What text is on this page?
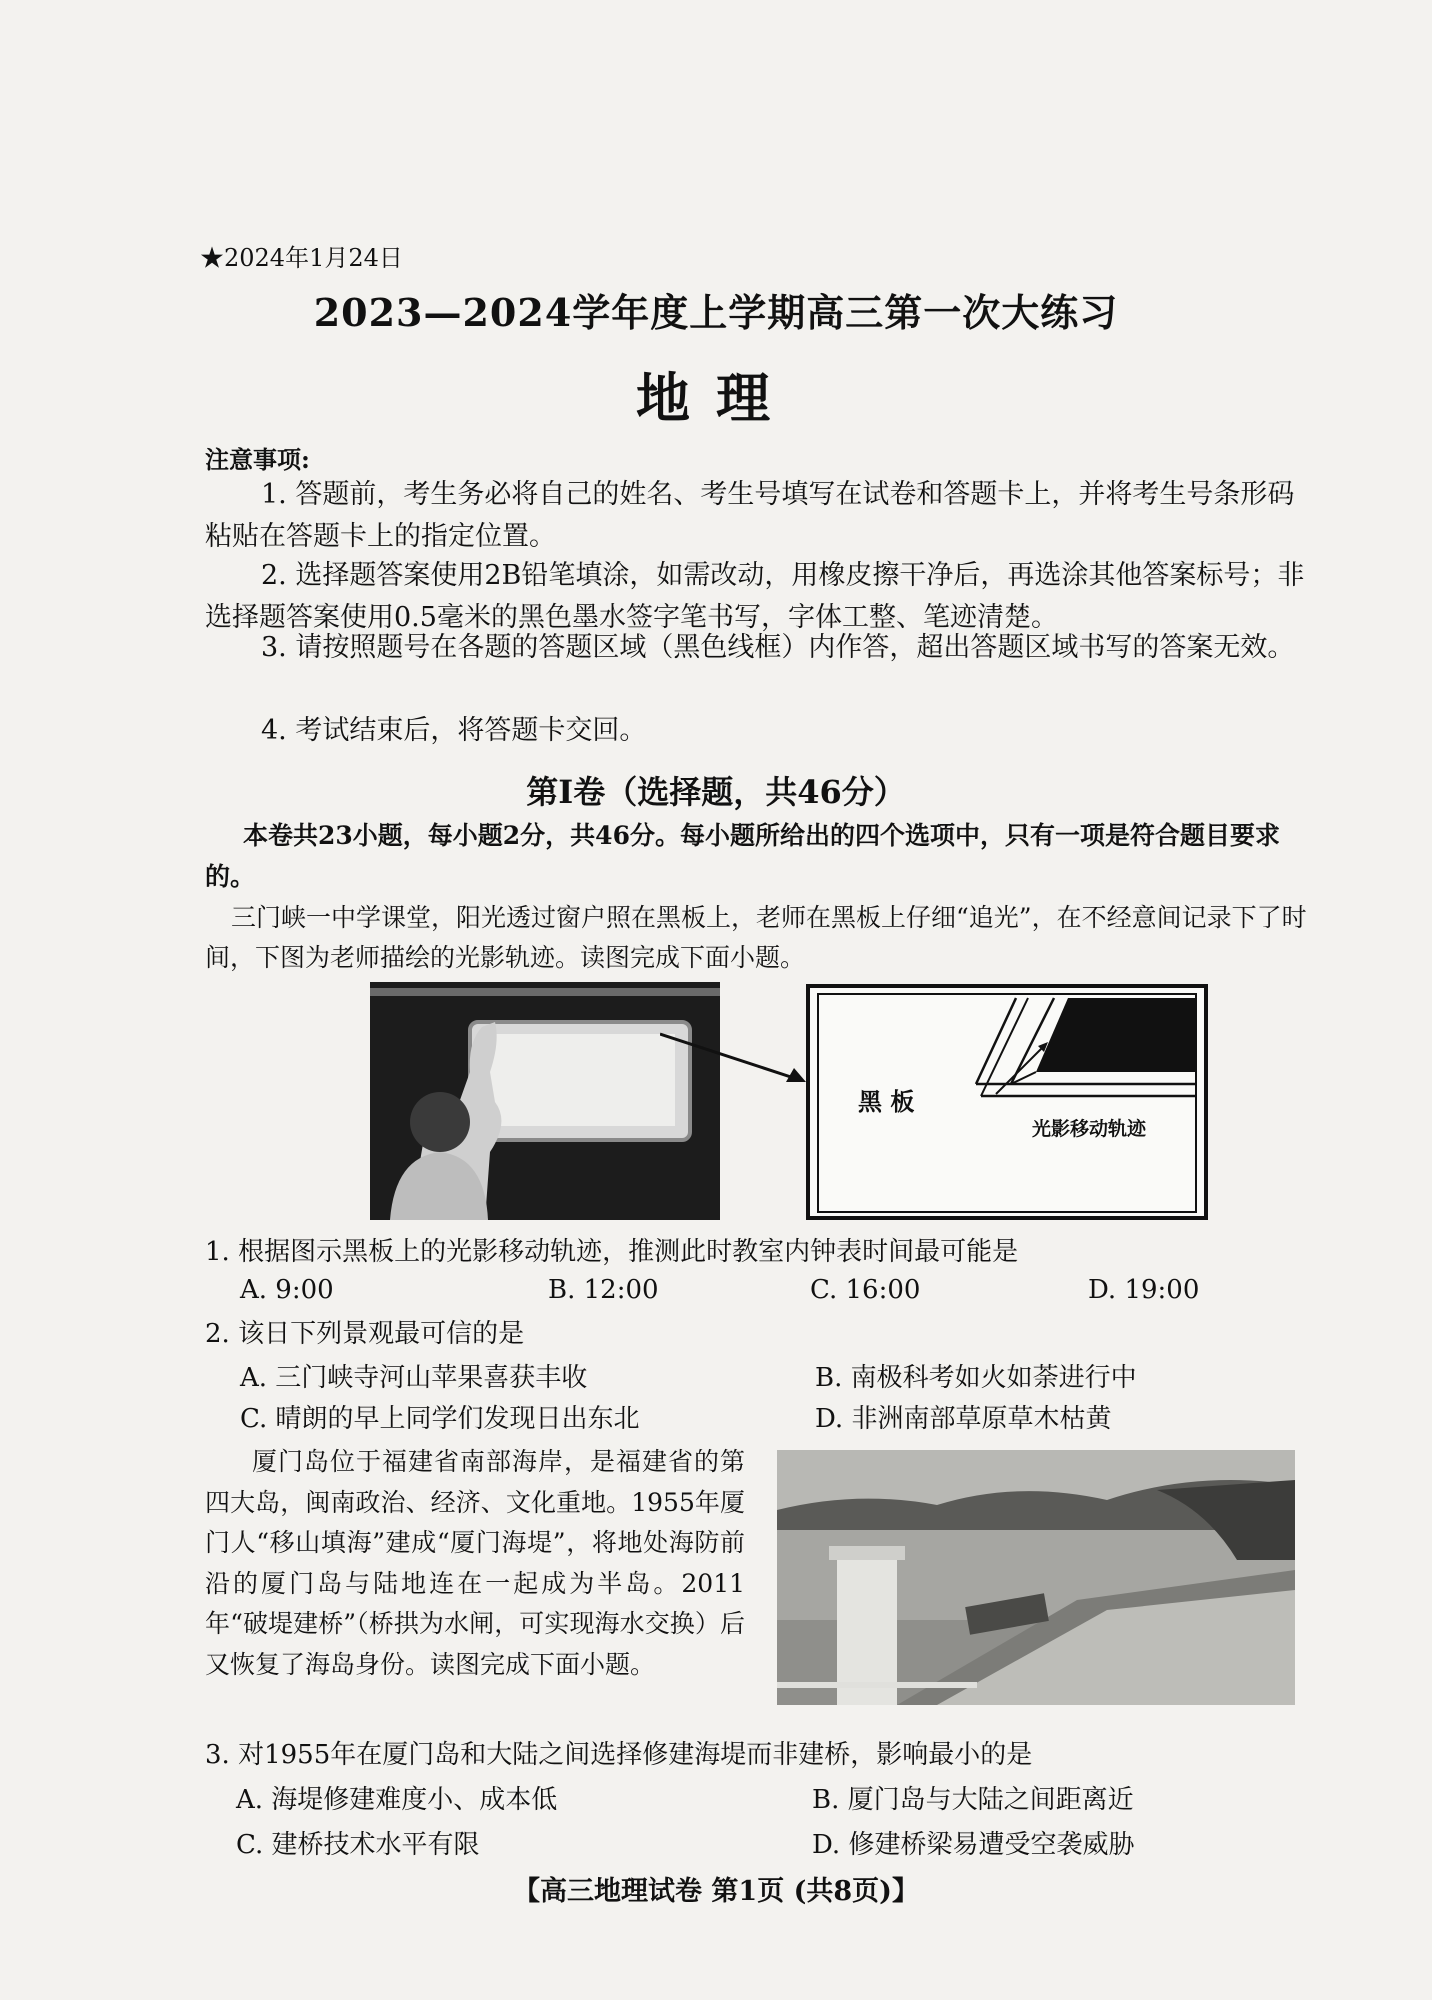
★2024年1月24日
2023—2024学年度上学期高三第一次大练习
地理
注意事项:
1. 答题前，考生务必将自己的姓名、考生号填写在试卷和答题卡上，并将考生号条形码粘贴在答题卡上的指定位置。
2. 选择题答案使用2B铅笔填涂，如需改动，用橡皮擦干净后，再选涂其他答案标号；非选择题答案使用0.5毫米的黑色墨水签字笔书写，字体工整、笔迹清楚。
3. 请按照题号在各题的答题区域（黑色线框）内作答，超出答题区域书写的答案无效。
4. 考试结束后，将答题卡交回。
第I卷（选择题，共46分）
本卷共23小题，每小题2分，共46分。每小题所给出的四个选项中，只有一项是符合题目要求的。
三门峡一中学课堂，阳光透过窗户照在黑板上，老师在黑板上仔细“追光”，在不经意间记录下了时间，下图为老师描绘的光影轨迹。读图完成下面小题。
黑 板
光影移动轨迹
1. 根据图示黑板上的光影移动轨迹，推测此时教室内钟表时间最可能是
A. 9:00	B. 12:00	C. 16:00	D. 19:00
2. 该日下列景观最可信的是
A. 三门峡寺河山苹果喜获丰收	B. 南极科考如火如荼进行中
C. 晴朗的早上同学们发现日出东北	D. 非洲南部草原草木枯黄
厦门岛位于福建省南部海岸，是福建省的第四大岛，闽南政治、经济、文化重地。1955年厦门人“移山填海”建成“厦门海堤”，将地处海防前沿的厦门岛与陆地连在一起成为半岛。2011年“破堤建桥”（桥拱为水闸，可实现海水交换）后又恢复了海岛身份。读图完成下面小题。
3. 对1955年在厦门岛和大陆之间选择修建海堤而非建桥，影响最小的是
A. 海堤修建难度小、成本低	B. 厦门岛与大陆之间距离近
C. 建桥技术水平有限	D. 修建桥梁易遭受空袭威胁
【高三地理试卷 第1页 (共8页)】
